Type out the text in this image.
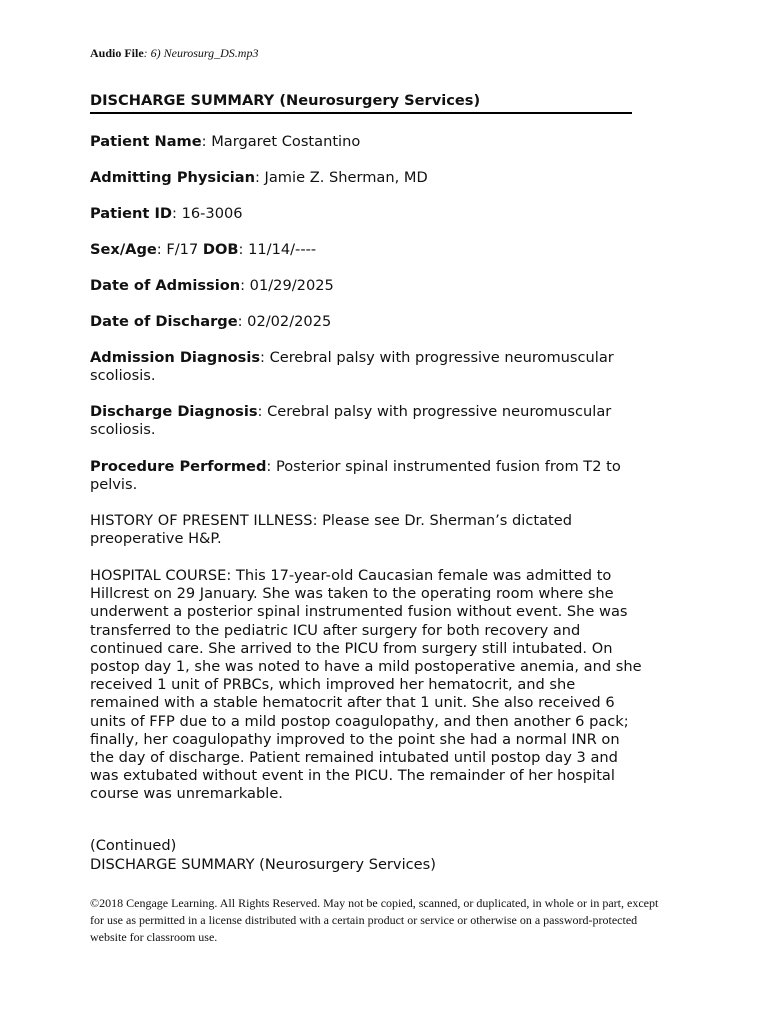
Audio File: 6) Neurosurg_DS.mp3
DISCHARGE SUMMARY (Neurosurgery Services)
Patient Name: Margaret Costantino
Admitting Physician: Jamie Z. Sherman, MD
Patient ID: 16-3006
Sex/Age: F/17 DOB: 11/14/----
Date of Admission: 01/29/2025
Date of Discharge: 02/02/2025
Admission Diagnosis: Cerebral palsy with progressive neuromuscular scoliosis.
Discharge Diagnosis: Cerebral palsy with progressive neuromuscular scoliosis.
Procedure Performed: Posterior spinal instrumented fusion from T2 to pelvis.
HISTORY OF PRESENT ILLNESS: Please see Dr. Sherman’s dictated preoperative H&P.
HOSPITAL COURSE: This 17-year-old Caucasian female was admitted to Hillcrest on 29 January. She was taken to the operating room where she underwent a posterior spinal instrumented fusion without event. She was transferred to the pediatric ICU after surgery for both recovery and continued care. She arrived to the PICU from surgery still intubated. On postop day 1, she was noted to have a mild postoperative anemia, and she received 1 unit of PRBCs, which improved her hematocrit, and she remained with a stable hematocrit after that 1 unit. She also received 6 units of FFP due to a mild postop coagulopathy, and then another 6 pack; finally, her coagulopathy improved to the point she had a normal INR on the day of discharge. Patient remained intubated until postop day 3 and was extubated without event in the PICU. The remainder of her hospital course was unremarkable.
(Continued)
DISCHARGE SUMMARY (Neurosurgery Services)
©2018 Cengage Learning. All Rights Reserved. May not be copied, scanned, or duplicated, in whole or in part, except for use as permitted in a license distributed with a certain product or service or otherwise on a password-protected website for classroom use.
